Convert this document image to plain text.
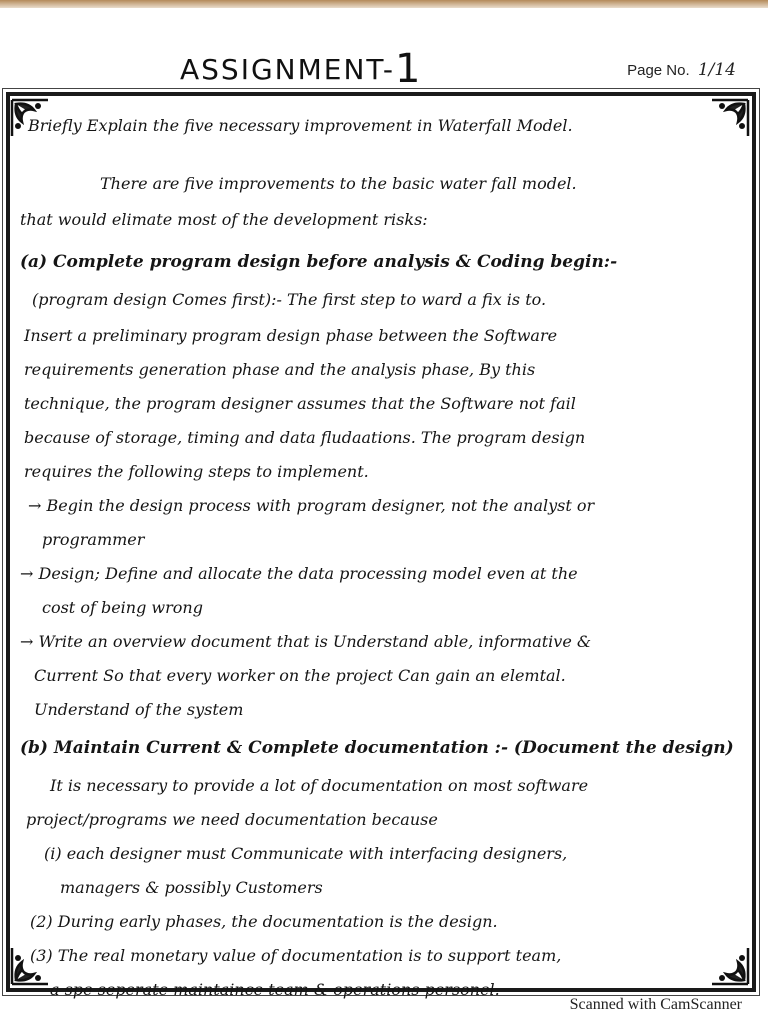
ASSIGNMENT-1	Page No. 1/14
Briefly Explain the five necessary improvement in Waterfall Model.
There are five improvements to the basic water fall model.
that would elimate most of the development risks:
(a) Complete program design before analysis & Coding begin:-
(program design Comes first):- The first step to ward a fix is to.
Insert a preliminary program design phase between the Software
requirements generation phase and the analysis phase, By this
technique, the program designer assumes that the Software not fail
because of storage, timing and data fludaations. The program design
requires the following steps to implement.
→ Begin the design process with program designer, not the analyst or
programmer
→ Design; Define and allocate the data processing model even at the
cost of being wrong
→ Write an overview document that is Understand able, informative &
Current So that every worker on the project Can gain an elemtal.
Understand of the system
(b) Maintain Current & Complete documentation :- (Document the design)
It is necessary to provide a lot of documentation on most software
project/programs we need documentation because
(i) each designer must Communicate with interfacing designers,
managers & possibly Customers
(2) During early phases, the documentation is the design.
(3) The real monetary value of documentation is to support team,
a spe seperate maintaince team & operations personel.
Scanned with CamScanner
